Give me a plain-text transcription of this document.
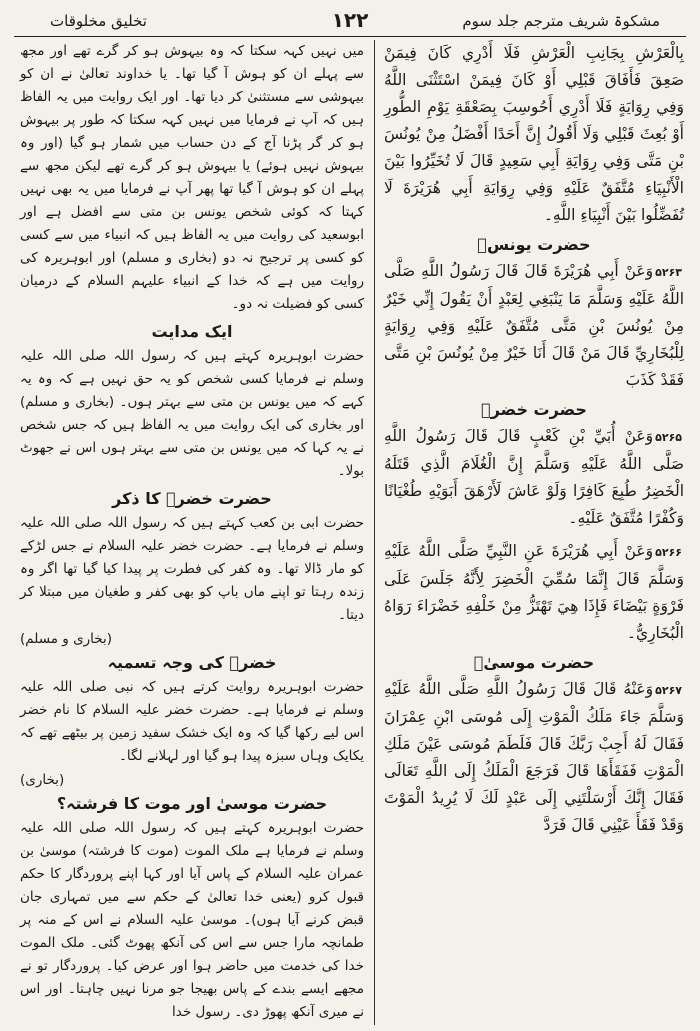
تخلیق مخلوقات	۱۲۲	مشکوۃ شریف مترجم جلد سوم

بِالْعَرْشِ بِجَانِبِ الْعَرْشِ فَلَا أَدْرِي كَانَ فِيمَنْ صَعِقَ فَأَفَاقَ قَبْلِي أَوْ كَانَ فِيمَنْ اسْتَثْنَى اللَّهُ وَفِي رِوَايَةٍ فَلَا أَدْرِي أَحُوسِبَ بِصَعْقَةِ يَوْمِ الطُّورِ أَوْ بُعِثَ قَبْلِي وَلَا أَقُولُ إِنَّ أَحَدًا أَفْضَلُ مِنْ يُونُسَ بْنِ مَتَّى وَفِي رِوَايَةِ أَبِي سَعِيدٍ قَالَ لَا تُخَيِّرُوا بَيْنَ الْأَنْبِيَاءِ مُتَّفَقٌ عَلَيْهِ وَفِي رِوَايَةِ أَبِي هُرَيْرَةَ لَا تُفَضِّلُوا بَيْنَ أَنْبِيَاءِ اللَّهِ۔

حضرت یونسؑ

۵۲۶۳وَعَنْ أَبِي هُرَيْرَةَ قَالَ قَالَ رَسُولُ اللَّهِ صَلَّى اللَّهُ عَلَيْهِ وَسَلَّمَ مَا يَنْبَغِي لِعَبْدٍ أَنْ يَقُولَ إِنِّي خَيْرٌ مِنْ يُونُسَ بْنِ مَتَّى مُتَّفَقٌ عَلَيْهِ وَفِي رِوَايَةٍ لِلْبُخَارِيِّ قَالَ مَنْ قَالَ أَنَا خَيْرٌ مِنْ يُونُسَ بْنِ مَتَّى فَقَدْ كَذَبَ

حضرت خضرؑ

۵۲۶۵وَعَنْ أُبَيِّ بْنِ كَعْبٍ قَالَ قَالَ رَسُولُ اللَّهِ صَلَّى اللَّهُ عَلَيْهِ وَسَلَّمَ إِنَّ الْغُلَامَ الَّذِي قَتَلَهُ الْخَضِرُ طُبِعَ كَافِرًا وَلَوْ عَاشَ لَأَرْهَقَ أَبَوَيْهِ طُغْيَانًا وَكُفْرًا مُتَّفَقٌ عَلَيْهِ۔

۵۲۶۶وَعَنْ أَبِي هُرَيْرَةَ عَنِ النَّبِيِّ صَلَّى اللَّهُ عَلَيْهِ وَسَلَّمَ قَالَ إِنَّمَا سُمِّيَ الْخَضِرَ لِأَنَّهُ جَلَسَ عَلَى فَرْوَةٍ بَيْضَاءَ فَإِذَا هِيَ تَهْتَزُّ مِنْ خَلْفِهِ خَضْرَاءَ رَوَاهُ الْبُخَارِيُّ۔

حضرت موسیٰؑ

۵۲۶۷وَعَنْهُ قَالَ قَالَ رَسُولُ اللَّهِ صَلَّى اللَّهُ عَلَيْهِ وَسَلَّمَ جَاءَ مَلَكُ الْمَوْتِ إِلَى مُوسَى ابْنِ عِمْرَانَ فَقَالَ لَهُ أَجِبْ رَبَّكَ قَالَ فَلَطَمَ مُوسَى عَيْنَ مَلَكِ الْمَوْتِ فَفَقَأَهَا قَالَ فَرَجَعَ الْمَلَكُ إِلَى اللَّهِ تَعَالَى فَقَالَ إِنَّكَ أَرْسَلْتَنِي إِلَى عَبْدٍ لَكَ لَا يُرِيدُ الْمَوْتَ وَقَدْ فَقَأَ عَيْنِي قَالَ فَرَدَّ

میں نہیں کہہ سکتا کہ وہ بیہوش ہو کر گرے تھے اور مجھ سے پہلے ان کو ہوش آ گیا تھا۔ یا خداوند تعالیٰ نے ان کو بیہوشی سے مستثنیٰ کر دیا تھا۔ اور ایک روایت میں یہ الفاظ ہیں کہ آپ نے فرمایا میں نہیں کہہ سکتا کہ طور پر بیہوش ہو کر گر پڑنا آج کے دن حساب میں شمار ہو گیا (اور وہ بیہوش نہیں ہوئے) یا بیہوش ہو کر گرے تھے لیکن مجھ سے پہلے ان کو ہوش آ گیا تھا پھر آپ نے فرمایا میں یہ بھی نہیں کہتا کہ کوئی شخص یونس بن متی سے افضل ہے اور ابوسعید کی روایت میں یہ الفاظ ہیں کہ انبیاء میں سے کسی کو کسی پر ترجیح نہ دو (بخاری و مسلم) اور ابوہریرہ کی روایت میں ہے کہ خدا کے انبیاء علیہم السلام کے درمیان کسی کو فضیلت نہ دو۔

ایک مدایت

حضرت ابوہریرہ کہتے ہیں کہ رسول اللہ صلی اللہ علیہ وسلم نے فرمایا کسی شخص کو یہ حق نہیں ہے کہ وہ یہ کہے کہ میں یونس بن متی سے بہتر ہوں۔ (بخاری و مسلم) اور بخاری کی ایک روایت میں یہ الفاظ ہیں کہ جس شخص نے یہ کہا کہ میں یونس بن متی سے بہتر ہوں اس نے جھوٹ بولا۔

حضرت خضرؑ کا ذکر

حضرت ابی بن کعب کہتے ہیں کہ رسول اللہ صلی اللہ علیہ وسلم نے فرمایا ہے۔ حضرت خضر علیہ السلام نے جس لڑکے کو مار ڈالا تھا۔ وہ کفر کی فطرت پر پیدا کیا گیا تھا اگر وہ زندہ رہتا تو اپنے ماں باپ کو بھی کفر و طغیان میں مبتلا کر دیتا۔

(بخاری و مسلم)

خضرؑ کی وجہ تسمیہ

حضرت ابوہریرہ روایت کرتے ہیں کہ نبی صلی اللہ علیہ وسلم نے فرمایا ہے۔ حضرت خضر علیہ السلام کا نام خضر اس لیے رکھا گیا کہ وہ ایک خشک سفید زمین پر بیٹھے تھے کہ یکایک وہاں سبزہ پیدا ہو گیا اور لہلانے لگا۔

(بخاری)

حضرت موسیٰ اور موت کا فرشتہ؟

حضرت ابوہریرہ کہتے ہیں کہ رسول اللہ صلی اللہ علیہ وسلم نے فرمایا ہے ملک الموت (موت کا فرشتہ) موسیٰ بن عمران علیہ السلام کے پاس آیا اور کہا اپنے پروردگار کا حکم قبول کرو (یعنی خدا تعالیٰ کے حکم سے میں تمہاری جان قبض کرنے آیا ہوں)۔ موسیٰ علیہ السلام نے اس کے منہ پر طمانچہ مارا جس سے اس کی آنکھ پھوٹ گئی۔ ملک الموت خدا کی خدمت میں حاضر ہوا اور عرض کیا۔ پروردگار تو نے مجھے ایسے بندے کے پاس بھیجا جو مرنا نہیں چاہتا۔ اور اس نے میری آنکھ پھوڑ دی۔ رسول خدا
